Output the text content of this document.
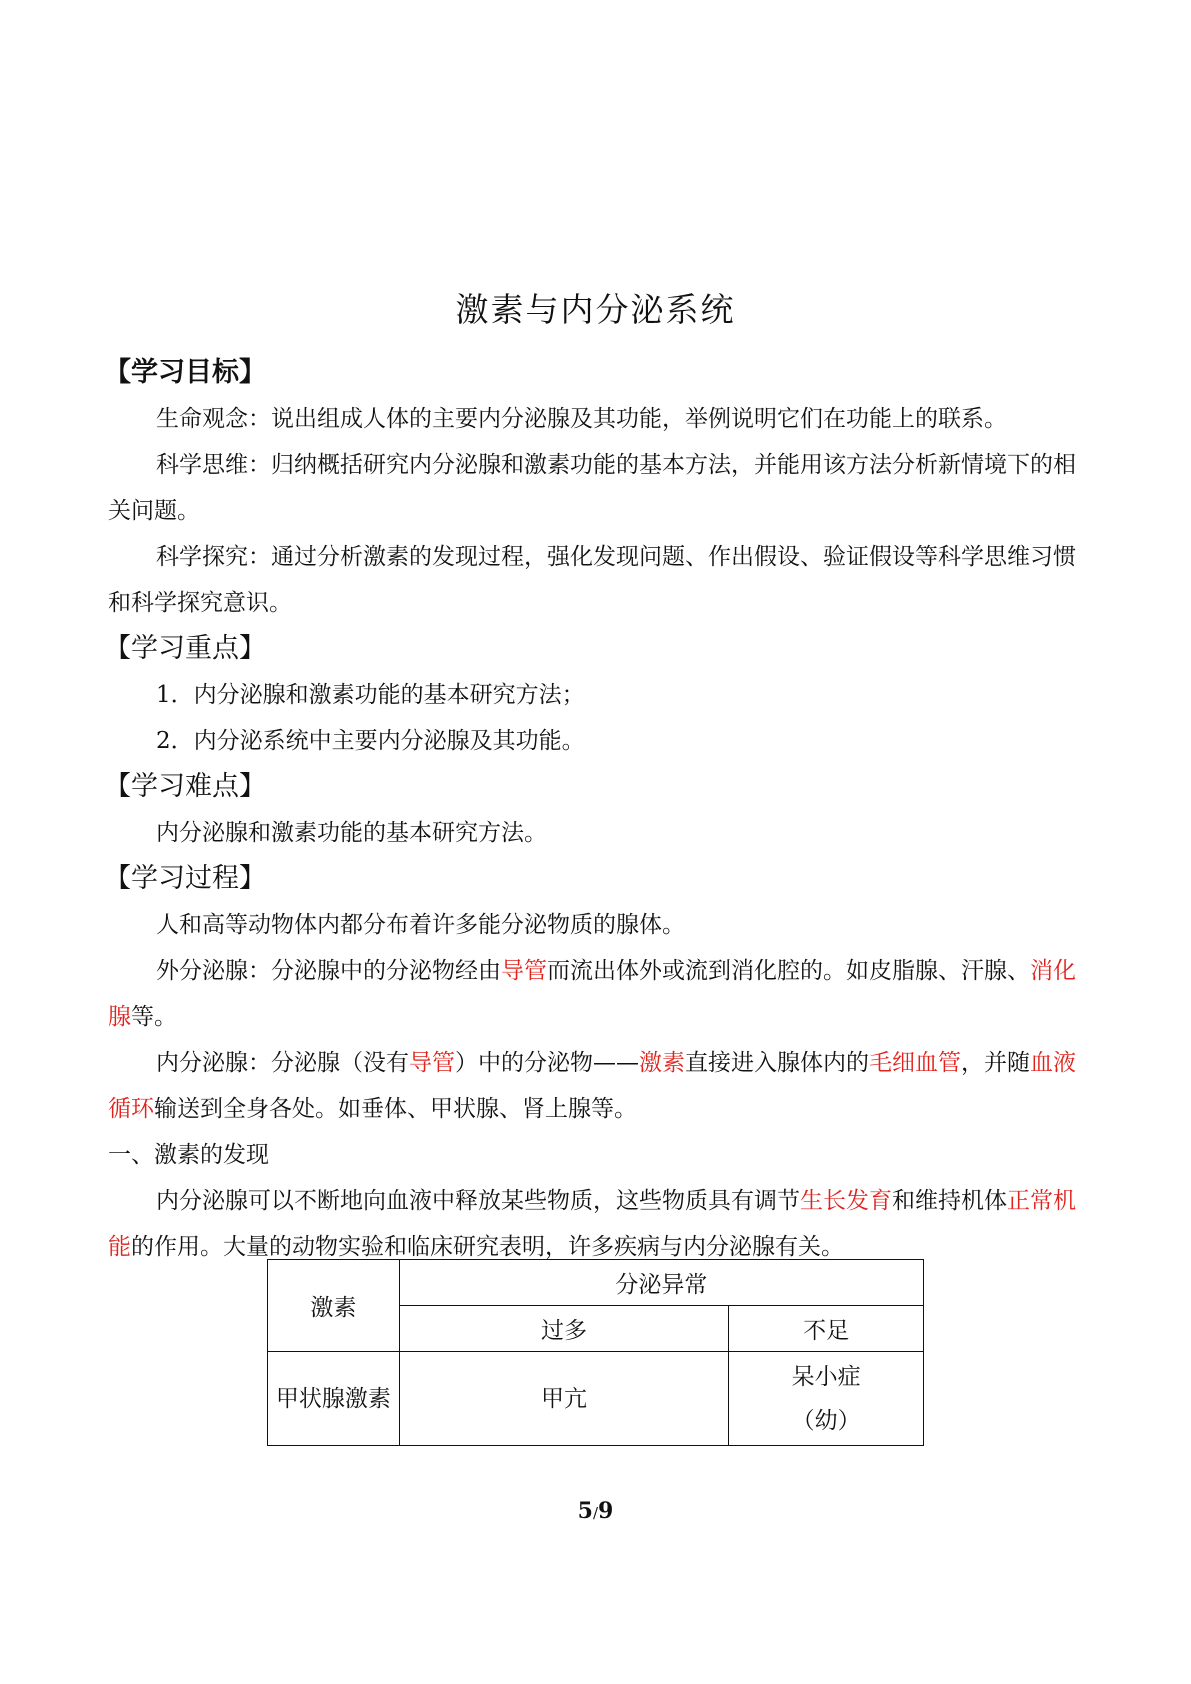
激素与内分泌系统
【学习目标】
生命观念：说出组成人体的主要内分泌腺及其功能，举例说明它们在功能上的联系。
科学思维：归纳概括研究内分泌腺和激素功能的基本方法，并能用该方法分析新情境下的相关问题。
科学探究：通过分析激素的发现过程，强化发现问题、作出假设、验证假设等科学思维习惯和科学探究意识。
【学习重点】
1．内分泌腺和激素功能的基本研究方法；
2．内分泌系统中主要内分泌腺及其功能。
【学习难点】
内分泌腺和激素功能的基本研究方法。
【学习过程】
人和高等动物体内都分布着许多能分泌物质的腺体。
外分泌腺：分泌腺中的分泌物经由导管而流出体外或流到消化腔的。如皮脂腺、汗腺、消化腺等。
内分泌腺：分泌腺（没有导管）中的分泌物——激素直接进入腺体内的毛细血管，并随血液循环输送到全身各处。如垂体、甲状腺、肾上腺等。
一、激素的发现
内分泌腺可以不断地向血液中释放某些物质，这些物质具有调节生长发育和维持机体正常机能的作用。大量的动物实验和临床研究表明，许多疾病与内分泌腺有关。
激素	分泌异常	
	过多	不足
甲状腺激素	甲亢	呆小症
（幼）
5/9
